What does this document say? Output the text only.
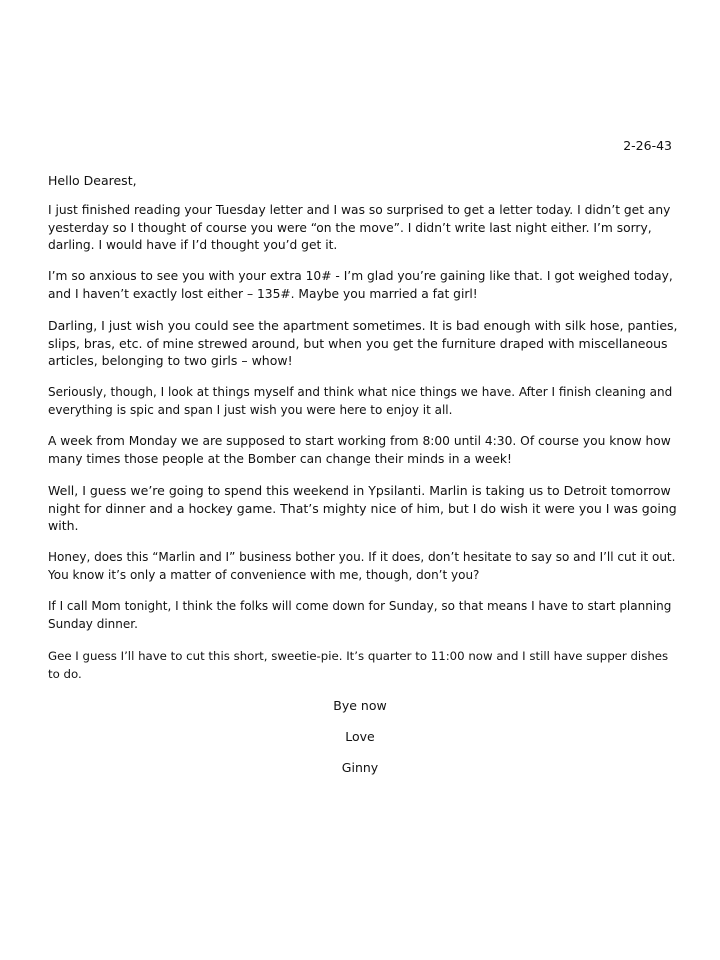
2-26-43
Hello Dearest,

I just finished reading your Tuesday letter and I was so surprised to get a letter today. I didn’t get any
yesterday so I thought of course you were “on the move”. I didn’t write last night either. I’m sorry,
darling. I would have if I’d thought you’d get it.

I’m so anxious to see you with your extra 10# - I’m glad you’re gaining like that. I got weighed today,
and I haven’t exactly lost either – 135#. Maybe you married a fat girl!

Darling, I just wish you could see the apartment sometimes. It is bad enough with silk hose, panties,
slips, bras, etc. of mine strewed around, but when you get the furniture draped with miscellaneous
articles, belonging to two girls – whow!

Seriously, though, I look at things myself and think what nice things we have. After I finish cleaning and
everything is spic and span I just wish you were here to enjoy it all.

A week from Monday we are supposed to start working from 8:00 until 4:30. Of course you know how
many times those people at the Bomber can change their minds in a week!

Well, I guess we’re going to spend this weekend in Ypsilanti. Marlin is taking us to Detroit tomorrow
night for dinner and a hockey game. That’s mighty nice of him, but I do wish it were you I was going
with.

Honey, does this “Marlin and I” business bother you. If it does, don’t hesitate to say so and I’ll cut it out.
You know it’s only a matter of convenience with me, though, don’t you?

If I call Mom tonight, I think the folks will come down for Sunday, so that means I have to start planning
Sunday dinner.

Gee I guess I’ll have to cut this short, sweetie-pie. It’s quarter to 11:00 now and I still have supper dishes
to do.

Bye now
Love
Ginny
